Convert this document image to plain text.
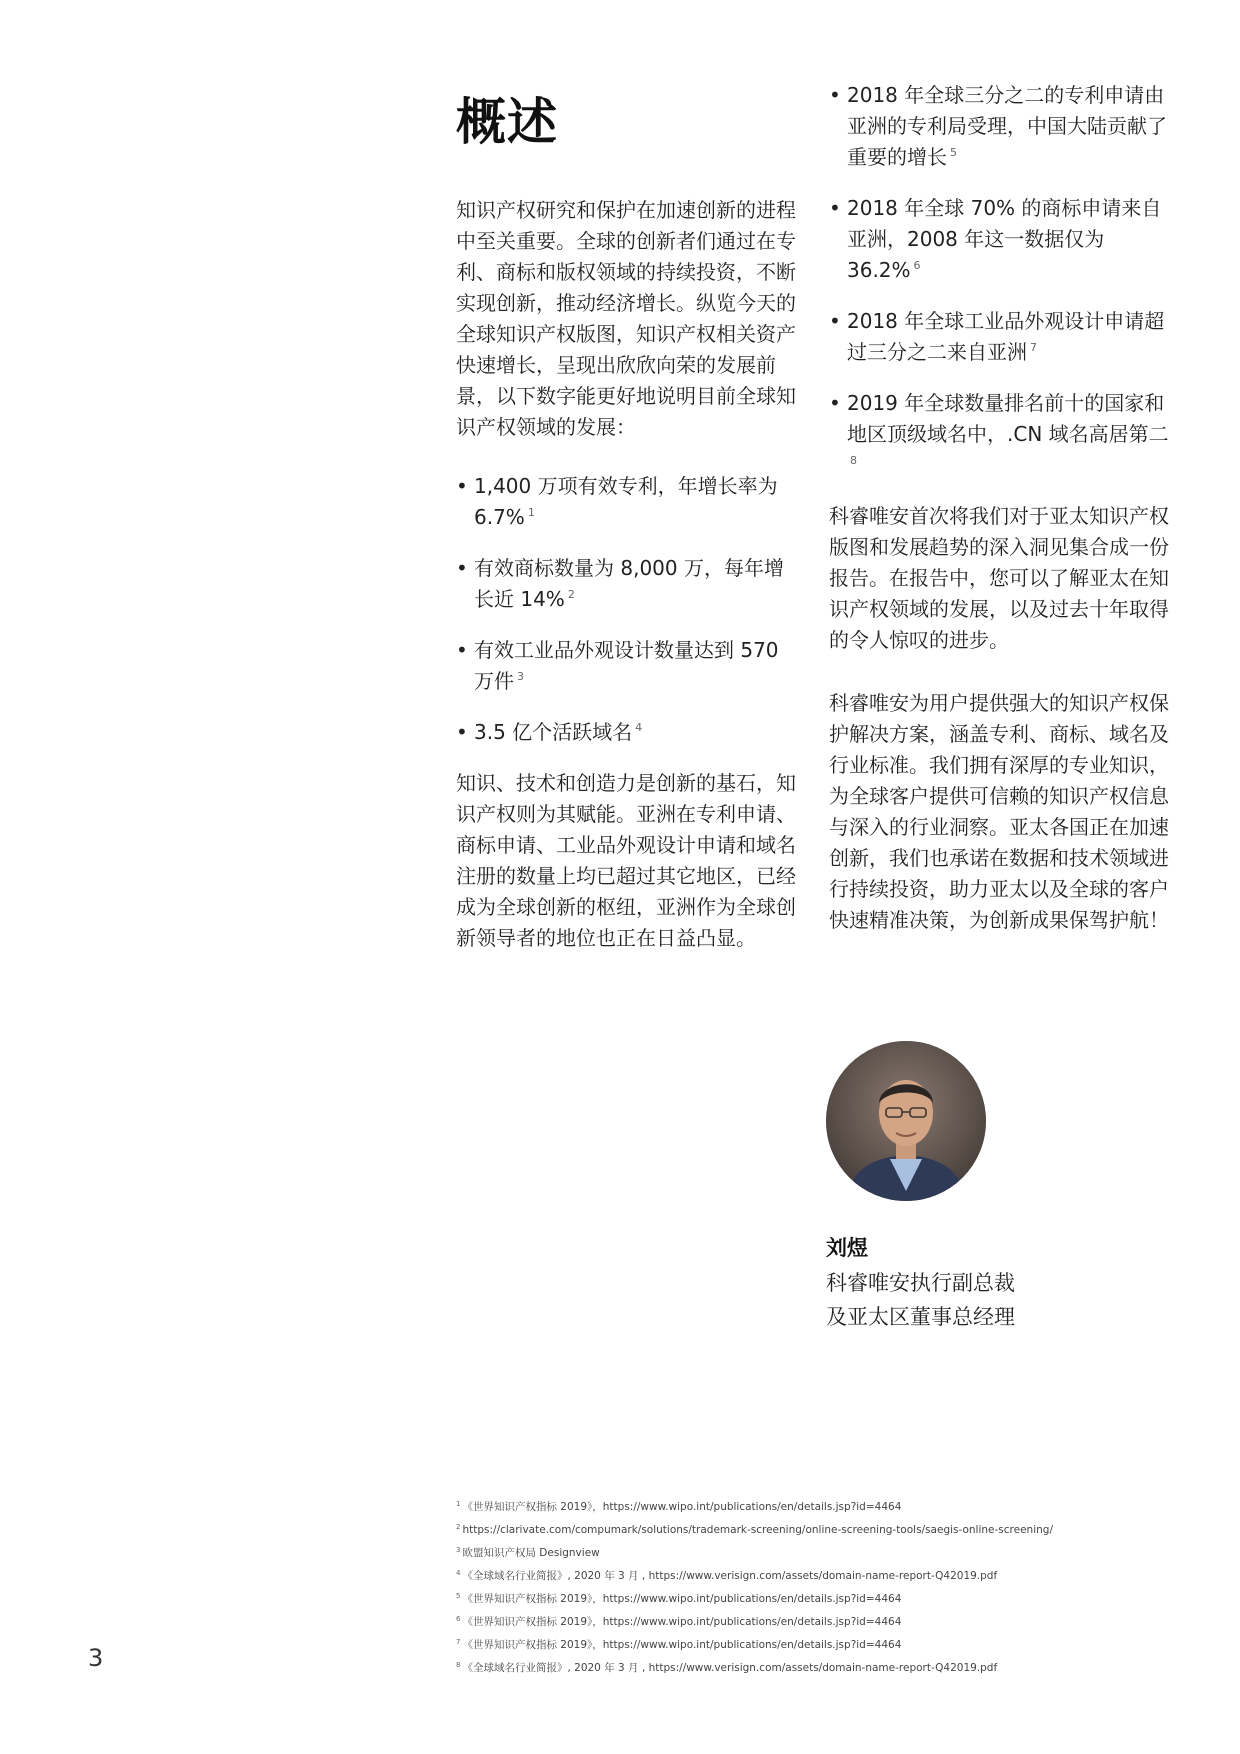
概述

知识产权研究和保护在加速创新的进程中至关重要。全球的创新者们通过在专利、商标和版权领域的持续投资，不断实现创新，推动经济增长。纵览今天的全球知识产权版图，知识产权相关资产快速增长，呈现出欣欣向荣的发展前景，以下数字能更好地说明目前全球知识产权领域的发展：

• 1,400 万项有效专利，年增长率为 6.7% $^1$
• 有效商标数量为 8,000 万，每年增长近 14% $^2$
• 有效工业品外观设计数量达到 570 万件 $^3$
• 3.5 亿个活跃域名 $^4$

知识、技术和创造力是创新的基石，知识产权则为其赋能。亚洲在专利申请、商标申请、工业品外观设计申请和域名注册的数量上均已超过其它地区，已经成为全球创新的枢纽，亚洲作为全球创新领导者的地位也正在日益凸显。

• 2018 年全球三分之二的专利申请由亚洲的专利局受理，中国大陆贡献了重要的增长 $^5$
• 2018 年全球 70% 的商标申请来自亚洲，2008 年这一数据仅为 36.2% $^6$
• 2018 年全球工业品外观设计申请超过三分之二来自亚洲 $^7$
• 2019 年全球数量排名前十的国家和地区顶级域名中，.CN 域名高居第二$^8$

科睿唯安首次将我们对于亚太知识产权版图和发展趋势的深入洞见集合成一份报告。在报告中，您可以了解亚太在知识产权领域的发展，以及过去十年取得的令人惊叹的进步。

科睿唯安为用户提供强大的知识产权保护解决方案，涵盖专利、商标、域名及行业标准。我们拥有深厚的专业知识，为全球客户提供可信赖的知识产权信息与深入的行业洞察。亚太各国正在加速创新，我们也承诺在数据和技术领域进行持续投资，助力亚太以及全球的客户快速精准决策，为创新成果保驾护航！

刘煜
科睿唯安执行副总裁
及亚太区董事总经理
$^1$ 《世界知识产权指标 2019》，https://www.wipo.int/publications/en/details.jsp?id=4464
$^2$ https://clarivate.com/compumark/solutions/trademark-screening/online-screening-tools/saegis-online-screening/
$^3$ 欧盟知识产权局 Designview
$^4$ 《全球域名行业简报》, 2020 年 3 月 , https://www.verisign.com/assets/domain-name-report-Q42019.pdf
$^5$ 《世界知识产权指标 2019》，https://www.wipo.int/publications/en/details.jsp?id=4464
$^6$ 《世界知识产权指标 2019》，https://www.wipo.int/publications/en/details.jsp?id=4464
$^7$ 《世界知识产权指标 2019》，https://www.wipo.int/publications/en/details.jsp?id=4464
$^8$ 《全球域名行业简报》, 2020 年 3 月 , https://www.verisign.com/assets/domain-name-report-Q42019.pdf
3
